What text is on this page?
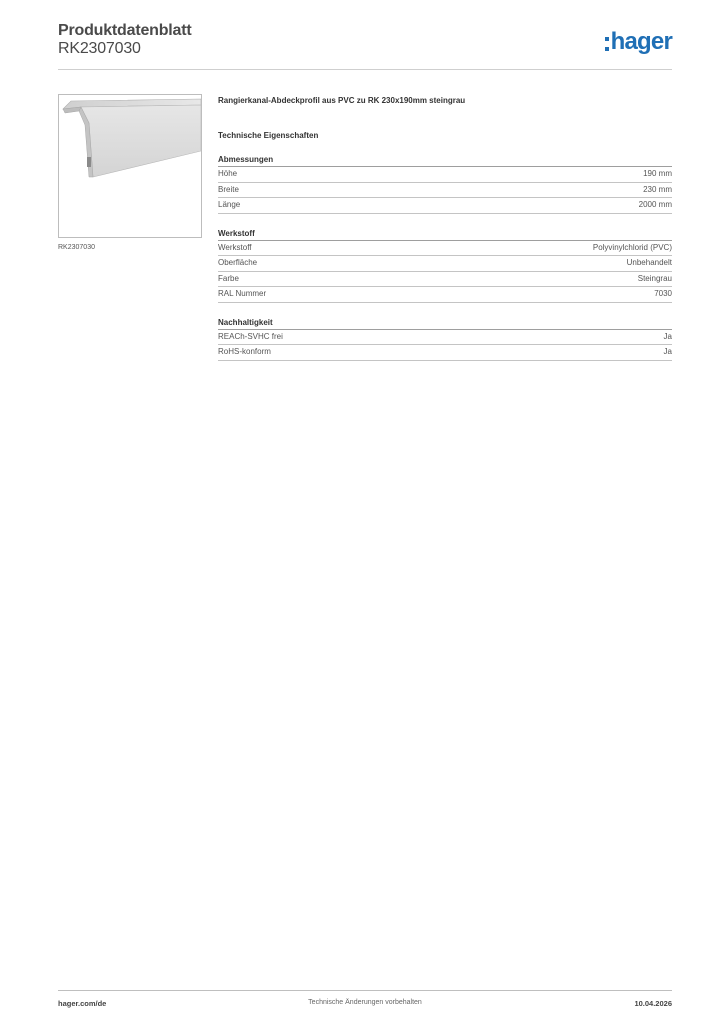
Produktdatenblatt
RK2307030	hager
RK2307030
Rangierkanal-Abdeckprofil aus PVC zu RK 230x190mm steingrau
Technische Eigenschaften
Abmessungen
Höhe	190 mm
Breite	230 mm
Länge	2000 mm
Werkstoff
Werkstoff	Polyvinylchlorid (PVC)
Oberfläche	Unbehandelt
Farbe	Steingrau
RAL Nummer	7030
Nachhaltigkeit
REACh-SVHC frei	Ja
RoHS-konform	Ja
hager.com/de	Technische Änderungen vorbehalten	10.04.2026
